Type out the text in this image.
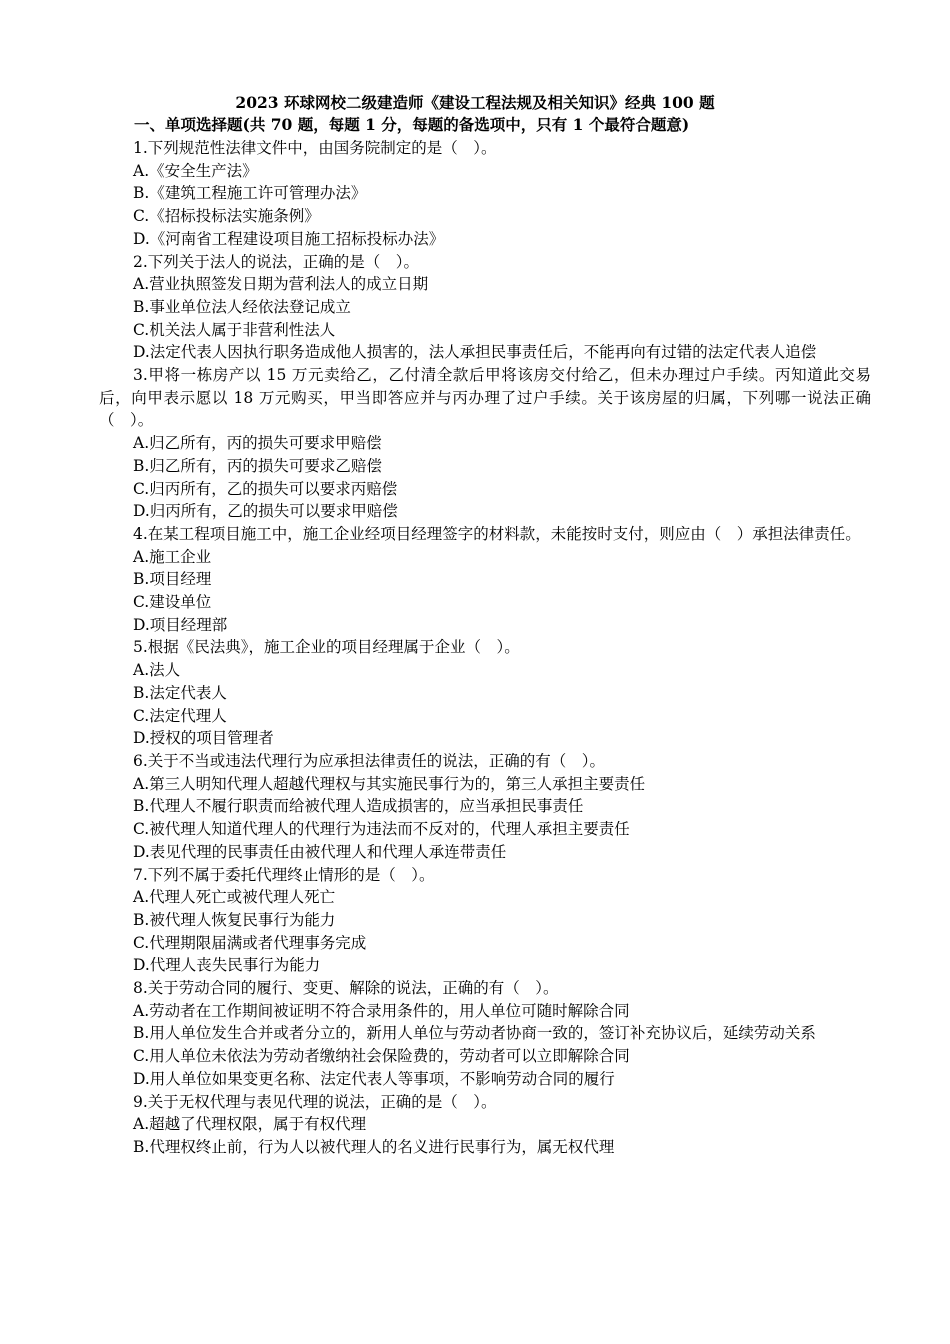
2023 环球网校二级建造师《建设工程法规及相关知识》经典 100 题
一、单项选择题(共 70 题，每题 1 分，每题的备选项中，只有 1 个最符合题意)

1.下列规范性法律文件中，由国务院制定的是（　）。

A.《安全生产法》

B.《建筑工程施工许可管理办法》

C.《招标投标法实施条例》

D.《河南省工程建设项目施工招标投标办法》

2.下列关于法人的说法，正确的是（　）。

A.营业执照签发日期为营利法人的成立日期

B.事业单位法人经依法登记成立

C.机关法人属于非营利性法人

D.法定代表人因执行职务造成他人损害的，法人承担民事责任后，不能再向有过错的法定代表人追偿

3.甲将一栋房产以 15 万元卖给乙，乙付清全款后甲将该房交付给乙，但未办理过户手续。丙知道此交易后，向甲表示愿以 18 万元购买，甲当即答应并与丙办理了过户手续。关于该房屋的归属，下列哪一说法正确（　）。

A.归乙所有，丙的损失可要求甲赔偿

B.归乙所有，丙的损失可要求乙赔偿

C.归丙所有，乙的损失可以要求丙赔偿

D.归丙所有，乙的损失可以要求甲赔偿

4.在某工程项目施工中，施工企业经项目经理签字的材料款，未能按时支付，则应由（　）承担法律责任。

A.施工企业

B.项目经理

C.建设单位

D.项目经理部

5.根据《民法典》，施工企业的项目经理属于企业（　）。

A.法人

B.法定代表人

C.法定代理人

D.授权的项目管理者

6.关于不当或违法代理行为应承担法律责任的说法，正确的有（　）。

A.第三人明知代理人超越代理权与其实施民事行为的，第三人承担主要责任

B.代理人不履行职责而给被代理人造成损害的，应当承担民事责任

C.被代理人知道代理人的代理行为违法而不反对的，代理人承担主要责任

D.表见代理的民事责任由被代理人和代理人承连带责任

7.下列不属于委托代理终止情形的是（　）。

A.代理人死亡或被代理人死亡

B.被代理人恢复民事行为能力

C.代理期限届满或者代理事务完成

D.代理人丧失民事行为能力

8.关于劳动合同的履行、变更、解除的说法，正确的有（　）。

A.劳动者在工作期间被证明不符合录用条件的，用人单位可随时解除合同

B.用人单位发生合并或者分立的，新用人单位与劳动者协商一致的，签订补充协议后，延续劳动关系

C.用人单位未依法为劳动者缴纳社会保险费的，劳动者可以立即解除合同

D.用人单位如果变更名称、法定代表人等事项，不影响劳动合同的履行

9.关于无权代理与表见代理的说法，正确的是（　）。

A.超越了代理权限，属于有权代理

B.代理权终止前，行为人以被代理人的名义进行民事行为，属无权代理
